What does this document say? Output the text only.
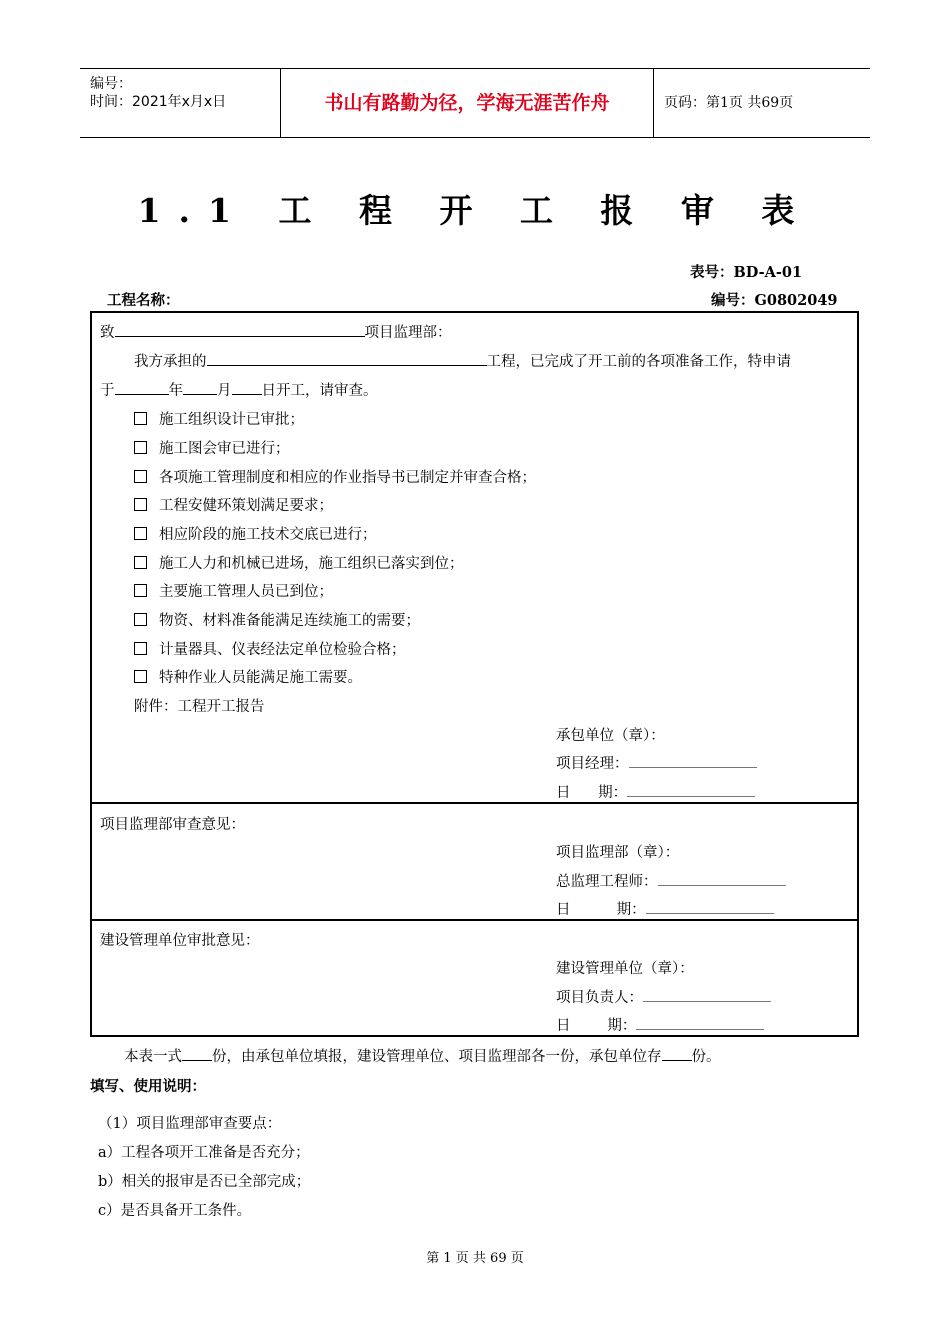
编号：
时间：2021年x月x日	书山有路勤为径，学海无涯苦作舟	页码：第1页 共69页
1.1 工 程 开 工 报 审 表
表号：BD-A-01
工程名称：	编号：G0802049
致	项目监理部：
我方承担的	工程，已完成了开工前的各项准备工作，特申请
于	年 月 日开工，请审查。
施工组织设计已审批；
施工图会审已进行；
各项施工管理制度和相应的作业指导书已制定并审查合格；
工程安健环策划满足要求；
相应阶段的施工技术交底已进行；
施工人力和机械已进场，施工组织已落实到位；
主要施工管理人员已到位；
物资、材料准备能满足连续施工的需要；
计量器具、仪表经法定单位检验合格；
特种作业人员能满足施工需要。
附件：工程开工报告
承包单位（章）：
项目经理：
日      期：
项目监理部审查意见：
项目监理部（章）：
总监理工程师：
日          期：
建设管理单位审批意见：
建设管理单位（章）：
项目负责人：
日        期：
本表一式 份，由承包单位填报，建设管理单位、项目监理部各一份，承包单位存 份。
填写、使用说明：
（1）项目监理部审查要点：
a）工程各项开工准备是否充分；
b）相关的报审是否已全部完成；
c）是否具备开工条件。
第 1 页 共 69 页
